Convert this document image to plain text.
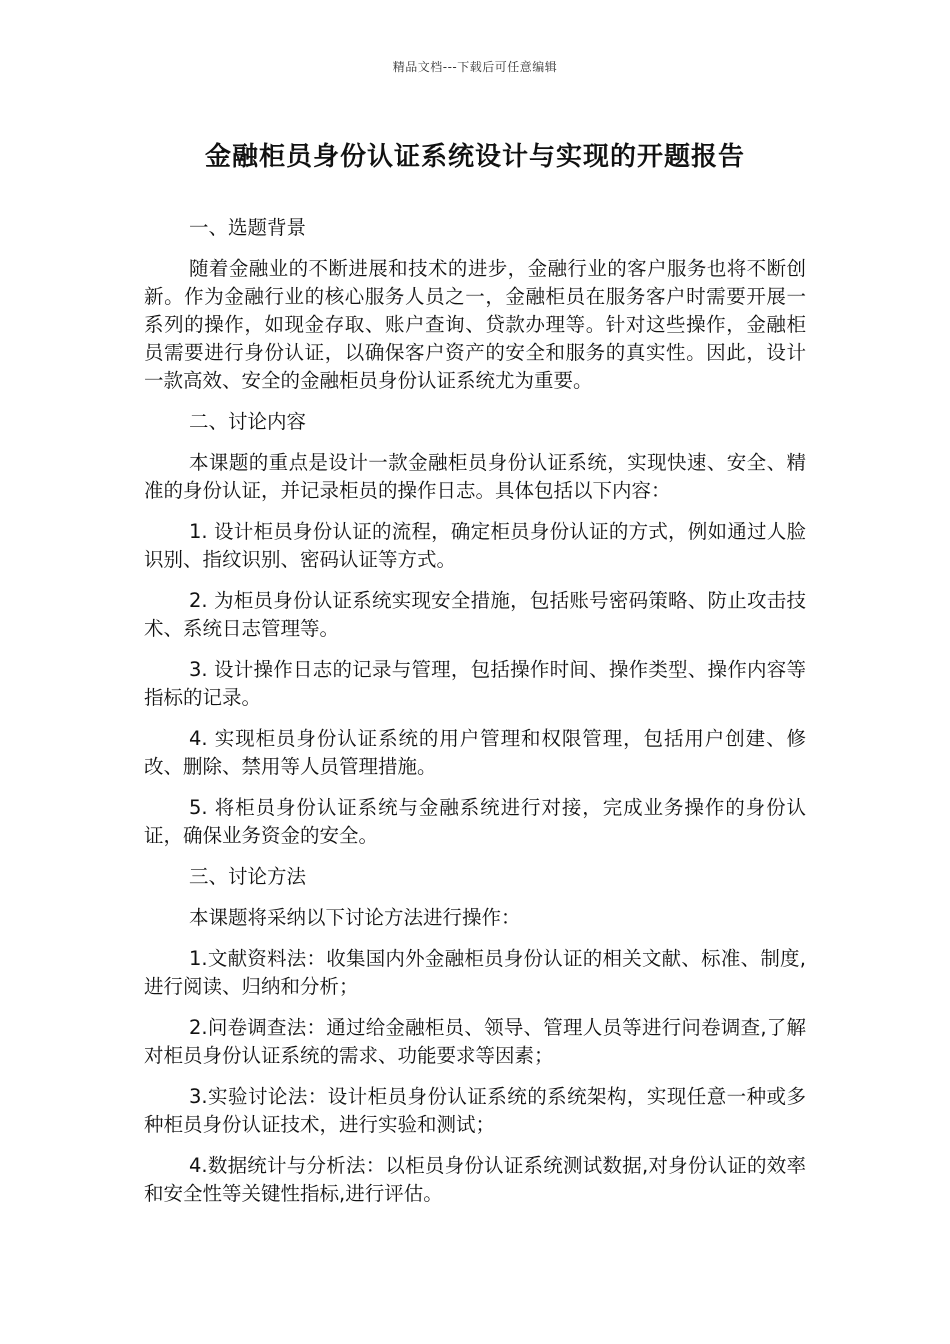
精品文档---下载后可任意编辑
金融柜员身份认证系统设计与实现的开题报告
一、选题背景
随着金融业的不断进展和技术的进步，金融行业的客户服务也将不断创新。作为金融行业的核心服务人员之一，金融柜员在服务客户时需要开展一系列的操作，如现金存取、账户查询、贷款办理等。针对这些操作，金融柜员需要进行身份认证，以确保客户资产的安全和服务的真实性。因此，设计一款高效、安全的金融柜员身份认证系统尤为重要。
二、讨论内容
本课题的重点是设计一款金融柜员身份认证系统，实现快速、安全、精准的身份认证，并记录柜员的操作日志。具体包括以下内容：
1. 设计柜员身份认证的流程，确定柜员身份认证的方式，例如通过人脸识别、指纹识别、密码认证等方式。
2. 为柜员身份认证系统实现安全措施，包括账号密码策略、防止攻击技术、系统日志管理等。
3. 设计操作日志的记录与管理，包括操作时间、操作类型、操作内容等指标的记录。
4. 实现柜员身份认证系统的用户管理和权限管理，包括用户创建、修改、删除、禁用等人员管理措施。
5. 将柜员身份认证系统与金融系统进行对接，完成业务操作的身份认证，确保业务资金的安全。
三、讨论方法
本课题将采纳以下讨论方法进行操作：
1.文献资料法：收集国内外金融柜员身份认证的相关文献、标准、制度,进行阅读、归纳和分析；
2.问卷调查法：通过给金融柜员、领导、管理人员等进行问卷调查,了解对柜员身份认证系统的需求、功能要求等因素；
3.实验讨论法：设计柜员身份认证系统的系统架构，实现任意一种或多种柜员身份认证技术，进行实验和测试；
4.数据统计与分析法：以柜员身份认证系统测试数据,对身份认证的效率和安全性等关键性指标,进行评估。
